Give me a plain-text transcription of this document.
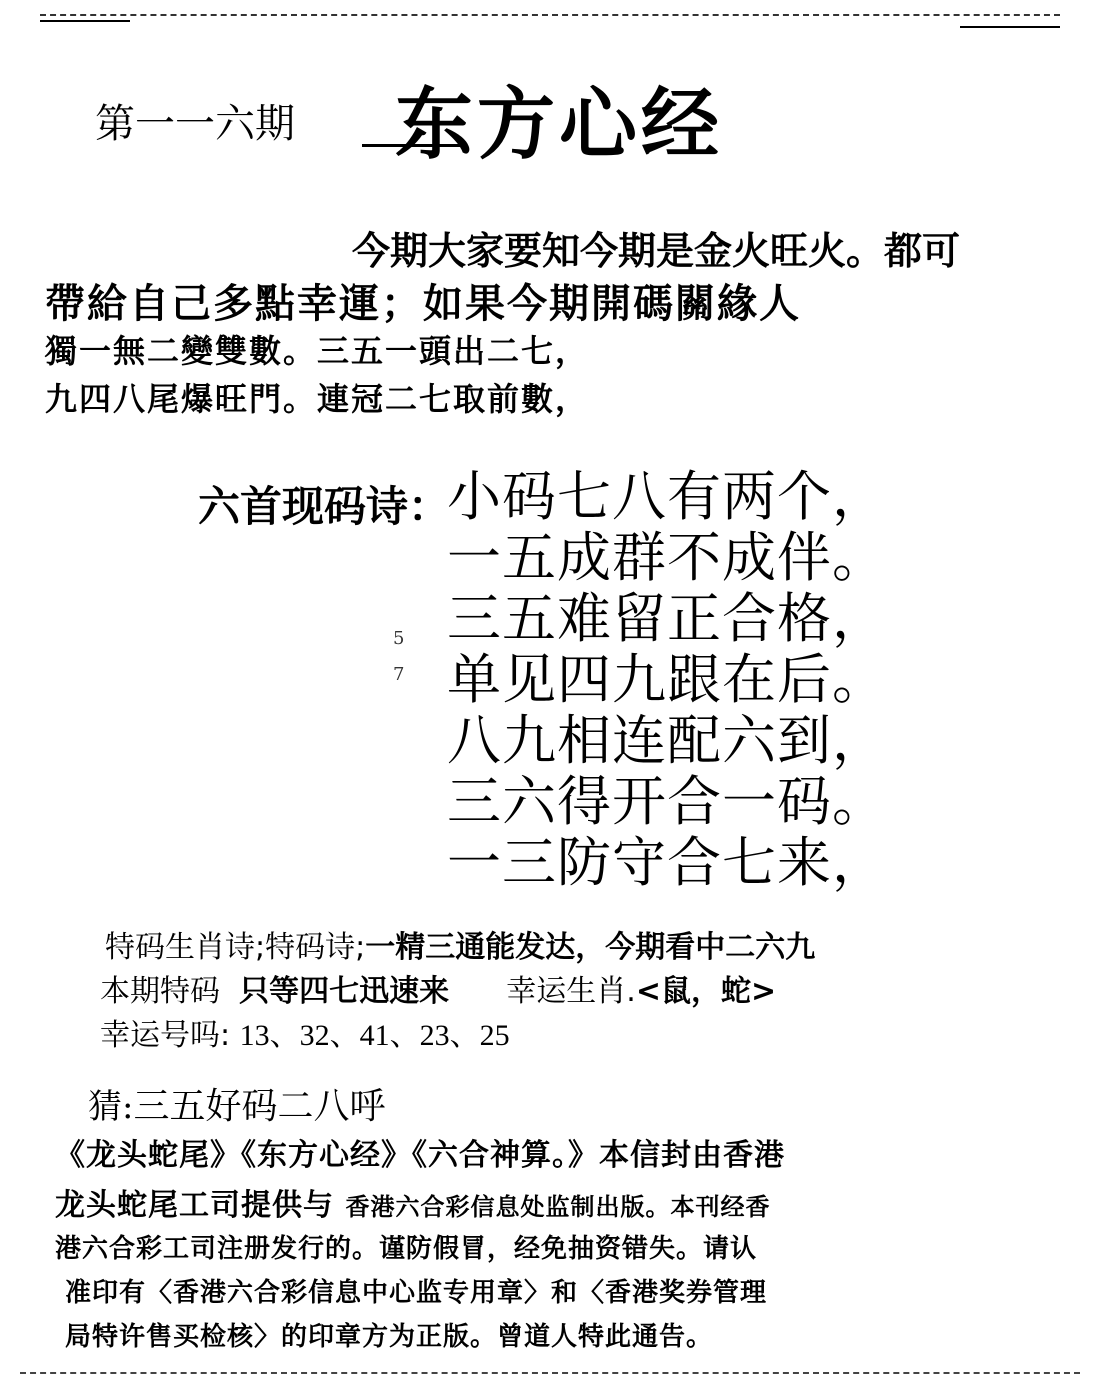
第一一六期 东方心经
今期大家要知今期是金火旺火。都可
帶給自己多點幸運；如果今期開碼關緣人
獨一無二變雙數。三五一頭出二七，
九四八尾爆旺門。連冠二七取前數，
六首现码诗：
5
7
小码七八有两个，
一五成群不成伴。
三五难留正合格，
单见四九跟在后。
八九相连配六到，
三六得开合一码。
一三防守合七来，
特码生肖诗;特码诗;一精三通能发达，今期看中二六九
本期特码 只等四七迅速来 幸运生肖.<鼠，蛇>
幸运号吗: 13、32、41、23、25
猜:三五好码二八呼
《龙头蛇尾》《东方心经》《六合神算。》本信封由香港
龙头蛇尾工司提供与 香港六合彩信息处监制出版。本刊经香
港六合彩工司注册发行的。谨防假冒，经免抽资错失。请认
准印有〈香港六合彩信息中心监专用章〉和〈香港奖券管理
局特许售买检核〉的印章方为正版。曾道人特此通告。
